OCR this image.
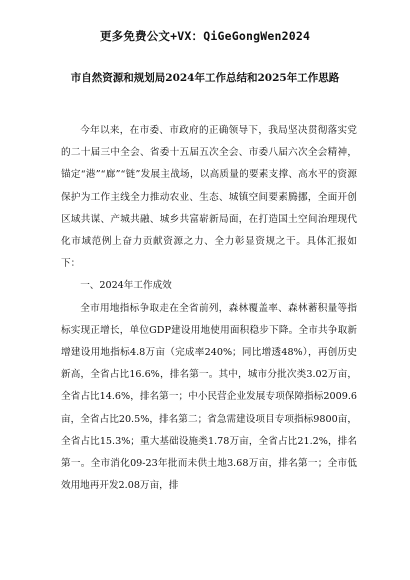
更多免费公文+VX：QiGeGongWen2024
市自然资源和规划局2024年工作总结和2025年工作思路

今年以来，在市委、市政府的正确领导下，我局坚决贯彻落实党的二十届三中全会、省委十五届五次全会、市委八届六次全会精神，锚定“港”“廊”“链”发展主战场，以高质量的要素支撑、高水平的资源保护为工作主线全力推动农业、生态、城镇空间要素腾挪，全面开创区域共谋、产城共融、城乡共富崭新局面，在打造国土空间治理现代化市域范例上奋力贡献资源之力、全力彰显资规之干。具体汇报如下：

一、2024年工作成效

全市用地指标争取走在全省前列，森林覆盖率、森林蓄积量等指标实现正增长，单位GDP建设用地使用面积稳步下降。全市共争取新增建设用地指标4.8万亩（完成率240%；同比增透48%），再创历史新高，全省占比16.6%，排名第一。其中，城市分批次类3.02万亩，全省占比14.6%，排名第一；中小民营企业发展专项保障指标2009.6亩，全省占比20.5%，排名第二；省急需建设项目专项指标9800亩，全省占比15.3%；重大基础设施类1.78万亩，全省占比21.2%，排名第一。全市消化09-23年批而未供土地3.68万亩，排名第一；全市低效用地再开发2.08万亩，排
